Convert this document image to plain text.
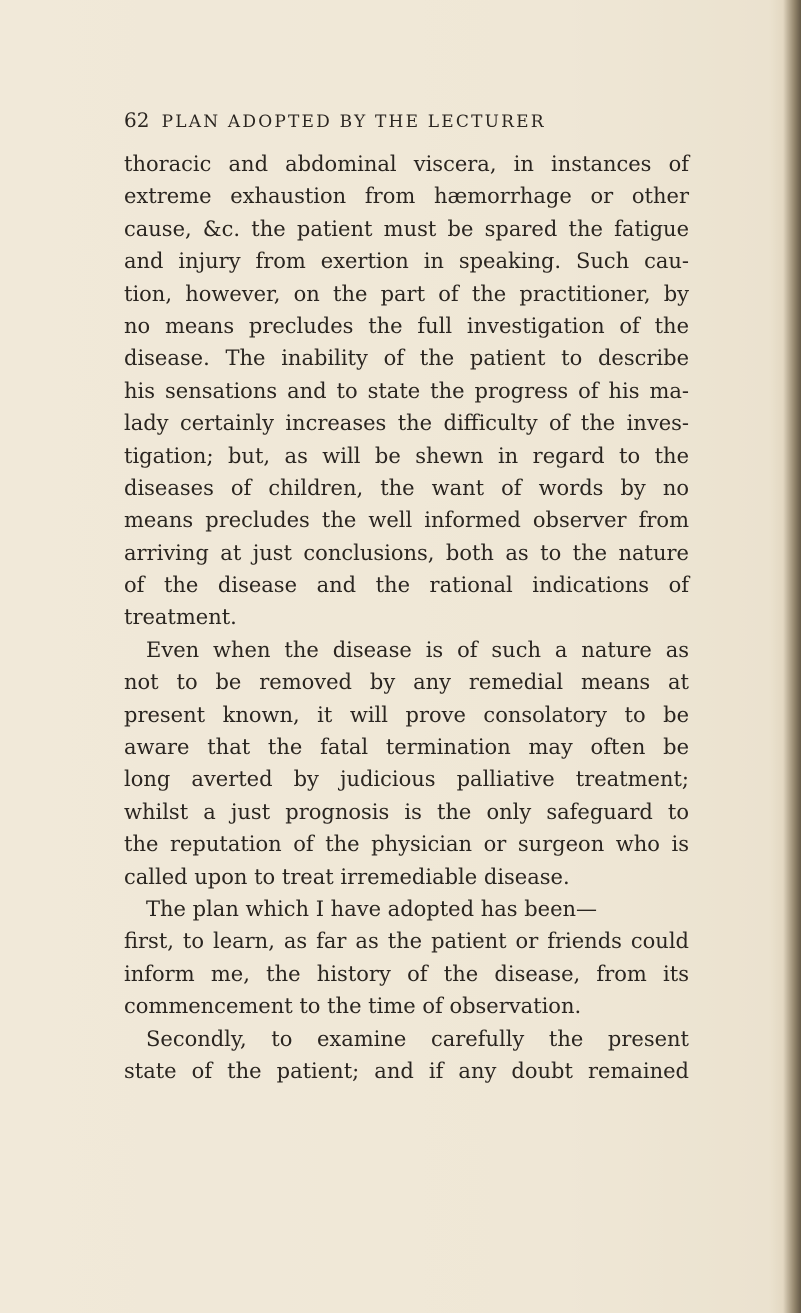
62 PLAN ADOPTED BY THE LECTURER
thoracic and abdominal viscera, in instances of
extreme exhaustion from hæmorrhage or other
cause, &c. the patient must be spared the fatigue
and injury from exertion in speaking. Such cau-
tion, however, on the part of the practitioner, by
no means precludes the full investigation of the
disease. The inability of the patient to describe
his sensations and to state the progress of his ma-
lady certainly increases the difficulty of the inves-
tigation; but, as will be shewn in regard to the
diseases of children, the want of words by no
means precludes the well informed observer from
arriving at just conclusions, both as to the nature
of the disease and the rational indications of
treatment.
Even when the disease is of such a nature as
not to be removed by any remedial means at
present known, it will prove consolatory to be
aware that the fatal termination may often be
long averted by judicious palliative treatment;
whilst a just prognosis is the only safeguard to
the reputation of the physician or surgeon who is
called upon to treat irremediable disease.
The plan which I have adopted has been—
first, to learn, as far as the patient or friends could
inform me, the history of the disease, from its
commencement to the time of observation.
Secondly, to examine carefully the present
state of the patient; and if any doubt remained
